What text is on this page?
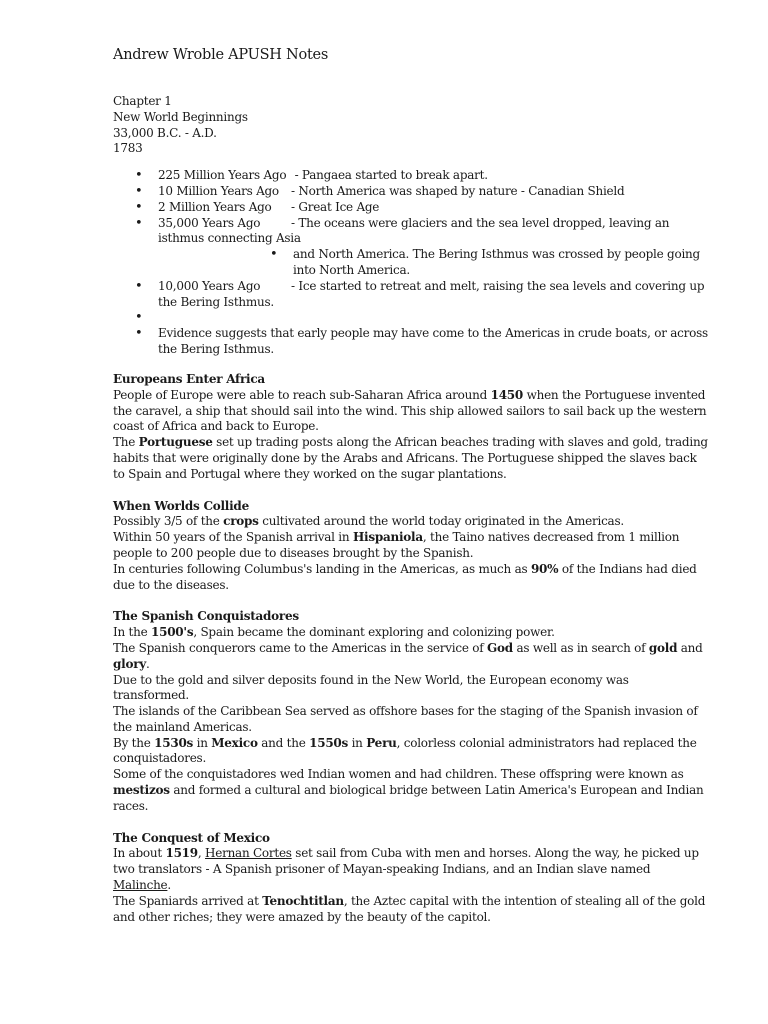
Andrew Wroble APUSH Notes
Chapter 1
New World Beginnings
33,000 B.C. - A.D.
1783
• 225 Million Years Ago - Pangaea started to break apart.
• 10 Million Years Ago - North America was shaped by nature - Canadian Shield
• 2 Million Years Ago - Great Ice Age
• 35,000 Years Ago	- The oceans were glaciers and the sea level dropped, leaving an isthmus connecting Asia
• and North America. The Bering Isthmus was crossed by people going into North America.
• 10,000 Years Ago	- Ice started to retreat and melt, raising the sea levels and covering up the Bering Isthmus.
•
• Evidence suggests that early people may have come to the Americas in crude boats, or across the Bering Isthmus.
Europeans Enter Africa

People of Europe were able to reach sub-Saharan Africa around 1450 when the Portuguese invented the caravel, a ship that should sail into the wind. This ship allowed sailors to sail back up the western coast of Africa and back to Europe.

The Portuguese set up trading posts along the African beaches trading with slaves and gold, trading habits that were originally done by the Arabs and Africans. The Portuguese shipped the slaves back to Spain and Portugal where they worked on the sugar plantations.

When Worlds Collide

Possibly 3/5 of the crops cultivated around the world today originated in the Americas.

Within 50 years of the Spanish arrival in Hispaniola, the Taino natives decreased from 1 million people to 200 people due to diseases brought by the Spanish.

In centuries following Columbus's landing in the Americas, as much as 90% of the Indians had died due to the diseases.

The Spanish Conquistadores

In the 1500's, Spain became the dominant exploring and colonizing power.

The Spanish conquerors came to the Americas in the service of God as well as in search of gold and glory.

Due to the gold and silver deposits found in the New World, the European economy was transformed.

The islands of the Caribbean Sea served as offshore bases for the staging of the Spanish invasion of the mainland Americas.

By the 1530s in Mexico and the 1550s in Peru, colorless colonial administrators had replaced the conquistadores.

Some of the conquistadores wed Indian women and had children. These offspring were known as mestizos and formed a cultural and biological bridge between Latin America's European and Indian races.

The Conquest of Mexico

In about 1519, Hernan Cortes set sail from Cuba with men and horses. Along the way, he picked up two translators - A Spanish prisoner of Mayan-speaking Indians, and an Indian slave named Malinche.

The Spaniards arrived at Tenochtitlan, the Aztec capital with the intention of stealing all of the gold and other riches; they were amazed by the beauty of the capitol.
